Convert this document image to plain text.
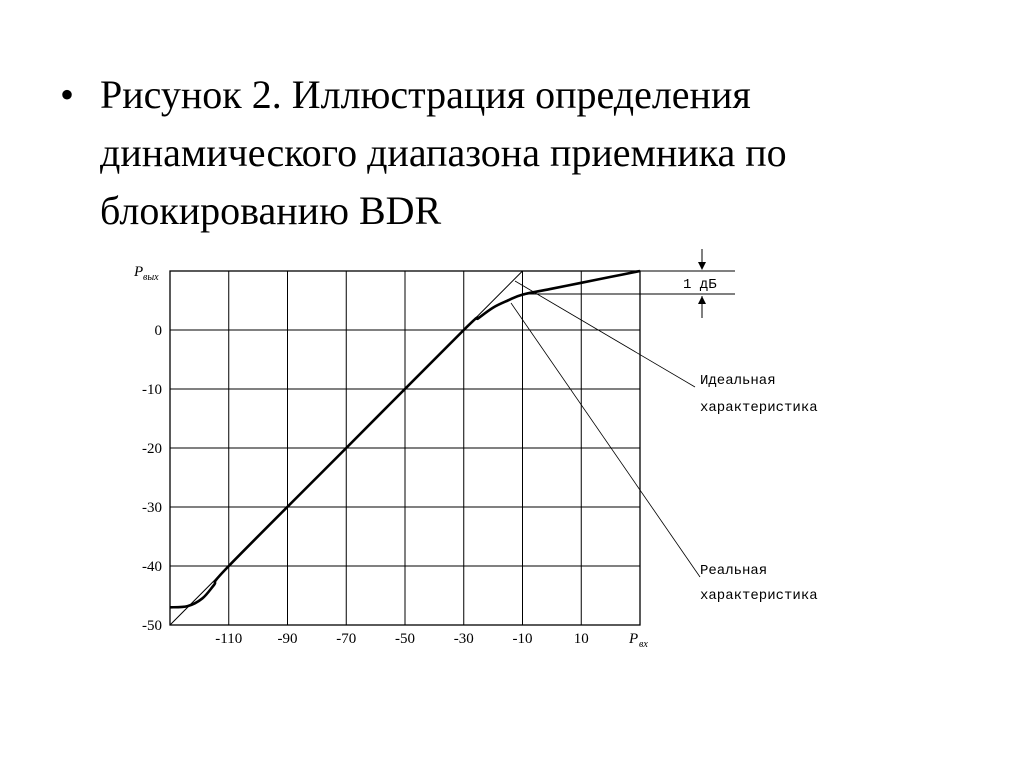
• Рисунок 2. Иллюстрация определения динамического диапазона приемника по блокированию BDR
-110 -90	-70	-50	-30	-10	10
0
-10
-20
-30
-40
-50
P вых
P вх
1 дБ
Идеальная
характеристика
Реальная
характеристика
